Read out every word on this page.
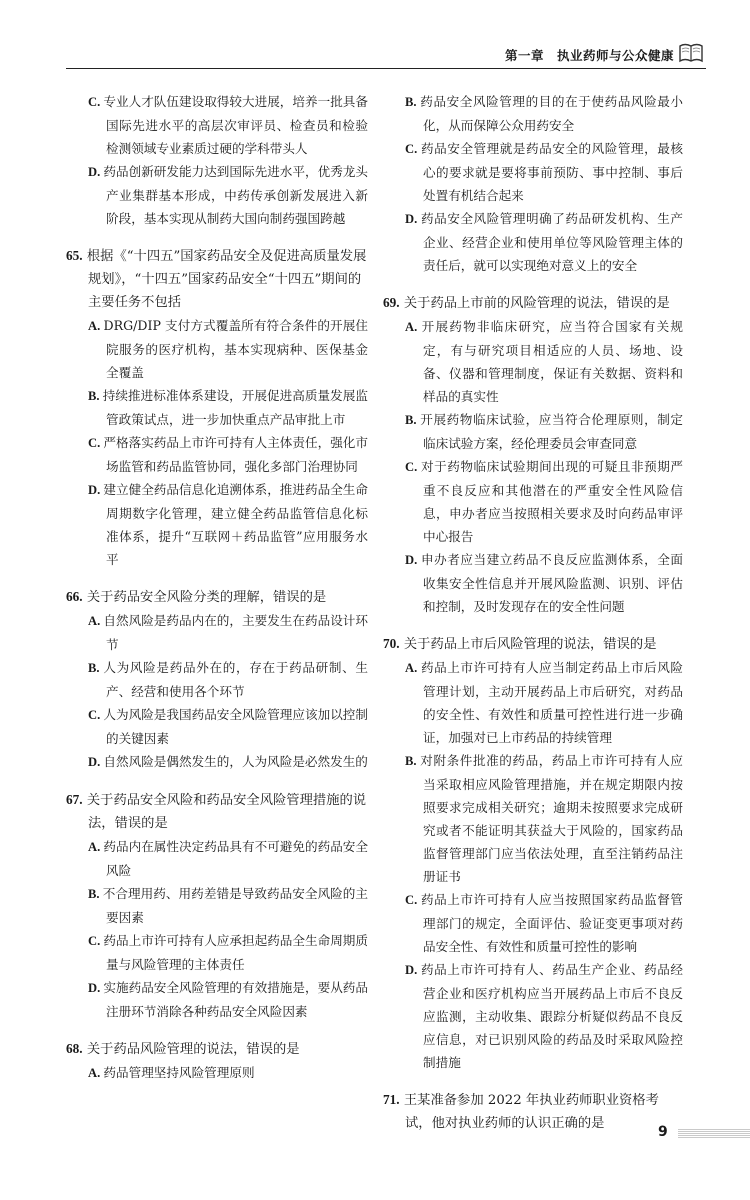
第一章　执业药师与公众健康
C. 专业人才队伍建设取得较大进展，培养一批具备国际先进水平的高层次审评员、检查员和检验检测领域专业素质过硬的学科带头人
D. 药品创新研发能力达到国际先进水平，优秀龙头产业集群基本形成，中药传承创新发展进入新阶段，基本实现从制药大国向制药强国跨越
65. 根据《“十四五”国家药品安全及促进高质量发展规划》，“十四五”国家药品安全“十四五”期间的主要任务不包括
A. DRG/DIP 支付方式覆盖所有符合条件的开展住院服务的医疗机构，基本实现病种、医保基金全覆盖
B. 持续推进标准体系建设，开展促进高质量发展监管政策试点，进一步加快重点产品审批上市
C. 严格落实药品上市许可持有人主体责任，强化市场监管和药品监管协同，强化多部门治理协同
D. 建立健全药品信息化追溯体系，推进药品全生命周期数字化管理，建立健全药品监管信息化标准体系，提升“互联网＋药品监管”应用服务水平
66. 关于药品安全风险分类的理解，错误的是
A. 自然风险是药品内在的，主要发生在药品设计环节
B. 人为风险是药品外在的，存在于药品研制、生产、经营和使用各个环节
C. 人为风险是我国药品安全风险管理应该加以控制的关键因素
D. 自然风险是偶然发生的，人为风险是必然发生的
67. 关于药品安全风险和药品安全风险管理措施的说法，错误的是
A. 药品内在属性决定药品具有不可避免的药品安全风险
B. 不合理用药、用药差错是导致药品安全风险的主要因素
C. 药品上市许可持有人应承担起药品全生命周期质量与风险管理的主体责任
D. 实施药品安全风险管理的有效措施是，要从药品注册环节消除各种药品安全风险因素
68. 关于药品风险管理的说法，错误的是
A. 药品管理坚持风险管理原则
B. 药品安全风险管理的目的在于使药品风险最小化，从而保障公众用药安全
C. 药品安全管理就是药品安全的风险管理，最核心的要求就是要将事前预防、事中控制、事后处置有机结合起来
D. 药品安全风险管理明确了药品研发机构、生产企业、经营企业和使用单位等风险管理主体的责任后，就可以实现绝对意义上的安全
69. 关于药品上市前的风险管理的说法，错误的是
A. 开展药物非临床研究，应当符合国家有关规定，有与研究项目相适应的人员、场地、设备、仪器和管理制度，保证有关数据、资料和样品的真实性
B. 开展药物临床试验，应当符合伦理原则，制定临床试验方案，经伦理委员会审查同意
C. 对于药物临床试验期间出现的可疑且非预期严重不良反应和其他潜在的严重安全性风险信息，申办者应当按照相关要求及时向药品审评中心报告
D. 申办者应当建立药品不良反应监测体系，全面收集安全性信息并开展风险监测、识别、评估和控制，及时发现存在的安全性问题
70. 关于药品上市后风险管理的说法，错误的是
A. 药品上市许可持有人应当制定药品上市后风险管理计划，主动开展药品上市后研究，对药品的安全性、有效性和质量可控性进行进一步确证，加强对已上市药品的持续管理
B. 对附条件批准的药品，药品上市许可持有人应当采取相应风险管理措施，并在规定期限内按照要求完成相关研究；逾期未按照要求完成研究或者不能证明其获益大于风险的，国家药品监督管理部门应当依法处理，直至注销药品注册证书
C. 药品上市许可持有人应当按照国家药品监督管理部门的规定，全面评估、验证变更事项对药品安全性、有效性和质量可控性的影响
D. 药品上市许可持有人、药品生产企业、药品经营企业和医疗机构应当开展药品上市后不良反应监测，主动收集、跟踪分析疑似药品不良反应信息，对已识别风险的药品及时采取风险控制措施
71. 王某准备参加 2022 年执业药师职业资格考试，他对执业药师的认识正确的是
9
